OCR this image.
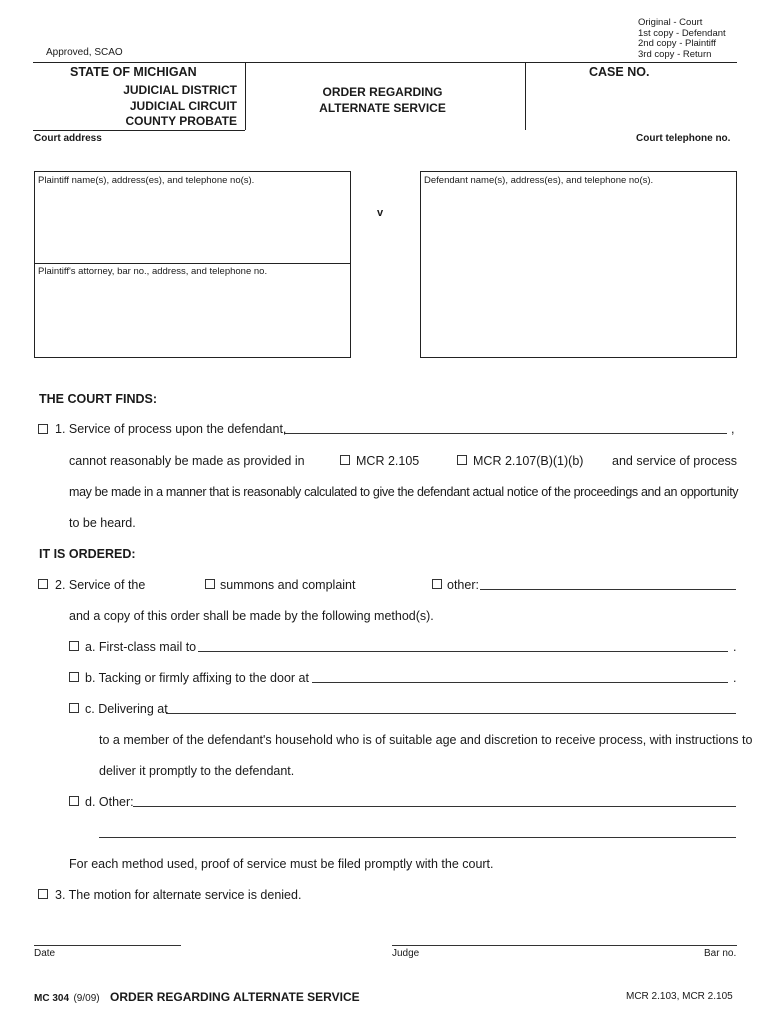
Original - Court
1st copy - Defendant
2nd copy - Plaintiff
3rd copy - Return
Approved, SCAO
STATE OF MICHIGAN
JUDICIAL DISTRICT
JUDICIAL CIRCUIT
COUNTY PROBATE
ORDER REGARDING
ALTERNATE SERVICE
CASE NO.
Court address	Court telephone no.
Plaintiff name(s), address(es), and telephone no(s).
Plaintiff's attorney, bar no., address, and telephone no.
v
Defendant name(s), address(es), and telephone no(s).
THE COURT FINDS:
1. Service of process upon the defendant,	,
cannot reasonably be made as provided in	MCR 2.105	MCR 2.107(B)(1)(b) and service of process
may be made in a manner that is reasonably calculated to give the defendant actual notice of the proceedings and an opportunity
to be heard.
IT IS ORDERED:
2. Service of the	summons and complaint	other:
and a copy of this order shall be made by the following method(s).
a. First-class mail to	.
b. Tacking or firmly affixing to the door at	.
c. Delivering at
to a member of the defendant's household who is of suitable age and discretion to receive process, with instructions to
deliver it promptly to the defendant.
d. Other:
For each method used, proof of service must be filed promptly with the court.
3. The motion for alternate service is denied.
Date	Judge	Bar no.
MC 304 (9/09) ORDER REGARDING ALTERNATE SERVICE	MCR 2.103, MCR 2.105
